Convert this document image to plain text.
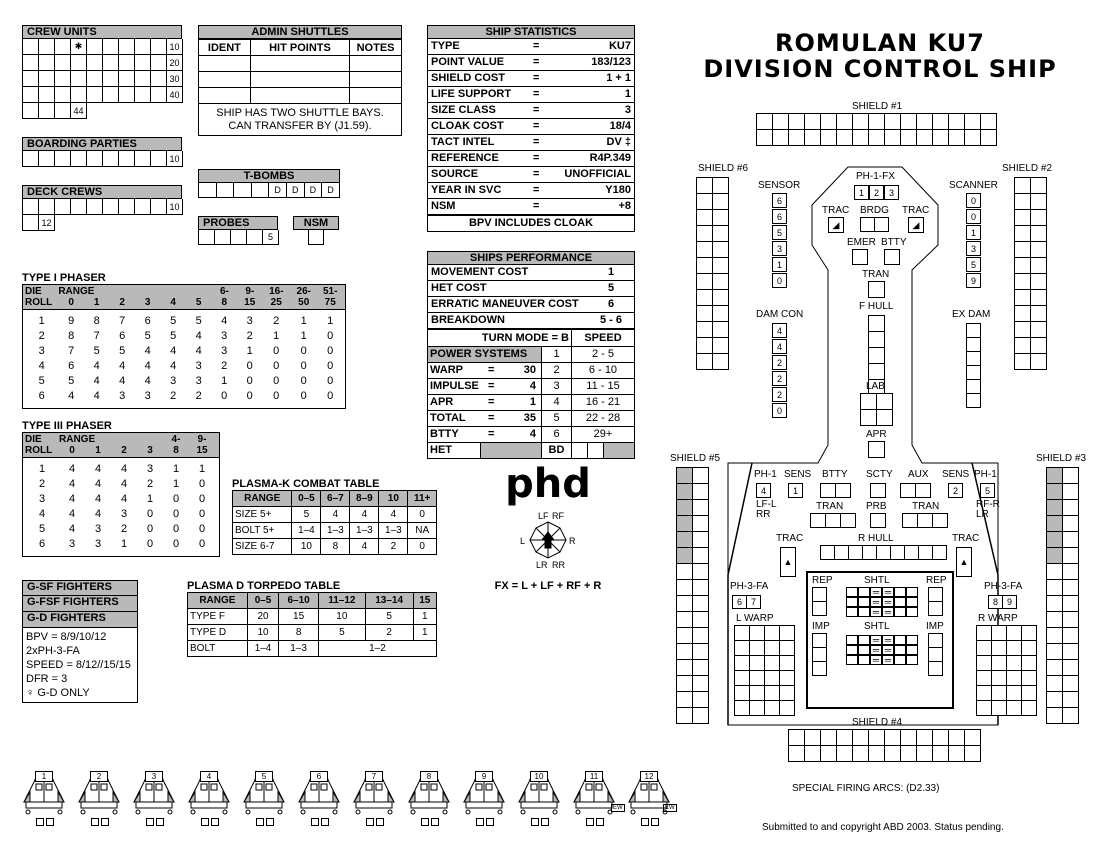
CREW UNITS
✱	10
20
30
40
44
BOARDING PARTIES
10
DECK CREWS
10
12
ADMIN SHUTTLES
IDENT	HIT POINTS	NOTES

SHIP HAS TWO SHUTTLE BAYS.
CAN TRANSFER BY (J1.59).		
T-BOMBS
D	D	D	D
PROBES
5
NSM
SHIP STATISTICS
TYPE	=	KU7
POINT VALUE	=	183/123
SHIELD COST	=	1 + 1
LIFE SUPPORT	=	1
SIZE CLASS	=	3
CLOAK COST	=	18/4
TACT INTEL	=	DV ‡
REFERENCE	=	R4P.349
SOURCE	=	UNOFFICIAL
YEAR IN SVC	=	Y180
NSM	=	+8
BPV INCLUDES CLOAK
SHIPS PERFORMANCE
MOVEMENT COST	1
HET COST	5
ERRATIC MANEUVER COST	6
BREAKDOWN	5 - 6
TURN MODE = B		SPEED
POWER SYSTEMS	1	2 - 5
WARP = 30	2	6 - 10
IMPULSE = 4	3	11 - 15
APR = 1	4	16 - 21
TOTAL = 35	5	22 - 28
BTTY = 4	6	29+

HET	BD	
TYPE I PHASER
DIE	RANGE	6-	9-	16-	26-	51-
ROLL	0	1	2	3	4	5	8	15	25	50	75
1	9	8	7	6	5	5	4	3	2	1	1
2	8	7	6	5	5	4	3	2	1	1	0
3	7	5	5	4	4	4	3	1	0	0	0
4	6	4	4	4	4	3	2	0	0	0	0
5	5	4	4	4	3	3	1	0	0	0	0
6	4	4	3	3	2	2	0	0	0	0	0
TYPE III PHASER
DIE	RANGE	4-	9-
ROLL	0	1	2	3	8	15
1	4	4	4	3	1	1
2	4	4	4	2	1	0
3	4	4	4	1	0	0
4	4	4	3	0	0	0
5	4	3	2	0	0	0
6	3	3	1	0	0	0
PLASMA-K COMBAT TABLE
RANGE	0–5	6–7	8–9	10	11+
SIZE 5+	5	4	4	4	0
BOLT 5+	1–4	1–3	1–3	1–3	NA
SIZE 6-7	10	8	4	2	0
PLASMA D TORPEDO TABLE
RANGE	0–5	6–10	11–12	13–14	15
TYPE F	20	15	10	5	1
TYPE D	10	8	5	2	1
BOLT	1–4	1–3	1–2		
G-SF FIGHTERS
G-FSF FIGHTERS
G-D FIGHTERS
BPV = 8/9/10/12
2xPH-3-FA
SPEED = 8/12//15/15
DFR = 3
♀ G-D ONLY
phd
LF RF
L	R
LR RR
FX = L + LF + RF + R
1	2	3	4	5	6	7	8	9	10	11	12
EW
EW
ROMULAN KU7
DIVISION CONTROL SHIP
SHIELD #1
SHIELD #6	SHIELD #2
SENSOR
6
6
5
3
1
0
SCANNER
0
0
1
3
5
9
PH-1-FX
1	2	3
TRAC
◢
BRDG TRAC
◢
EMER BTTY
TRAN
F HULL
LAB
APR
DAM CON
4
4
2
2
2
0
EX DAM
SHIELD #5	SHIELD #3
PH-1
4
SENS
1
BTTY SCTY AUX SENS
2
PH-1
5
LF-L
RR
RF-R
LR
TRAN PRB	TRAN
TRAC
▲
TRAC
▲
R HULL
PH-3-FA
6 7
PH-3-FA
8 9
L WARP	R WARP
REP	SHTL	REP
═ ═
═ ═
═ ═
IMP	SHTL	IMP
═ ═
═ ═
═ ═
SHIELD #4
SPECIAL FIRING ARCS: (D2.33)
Submitted to and copyright ABD 2003. Status pending.
